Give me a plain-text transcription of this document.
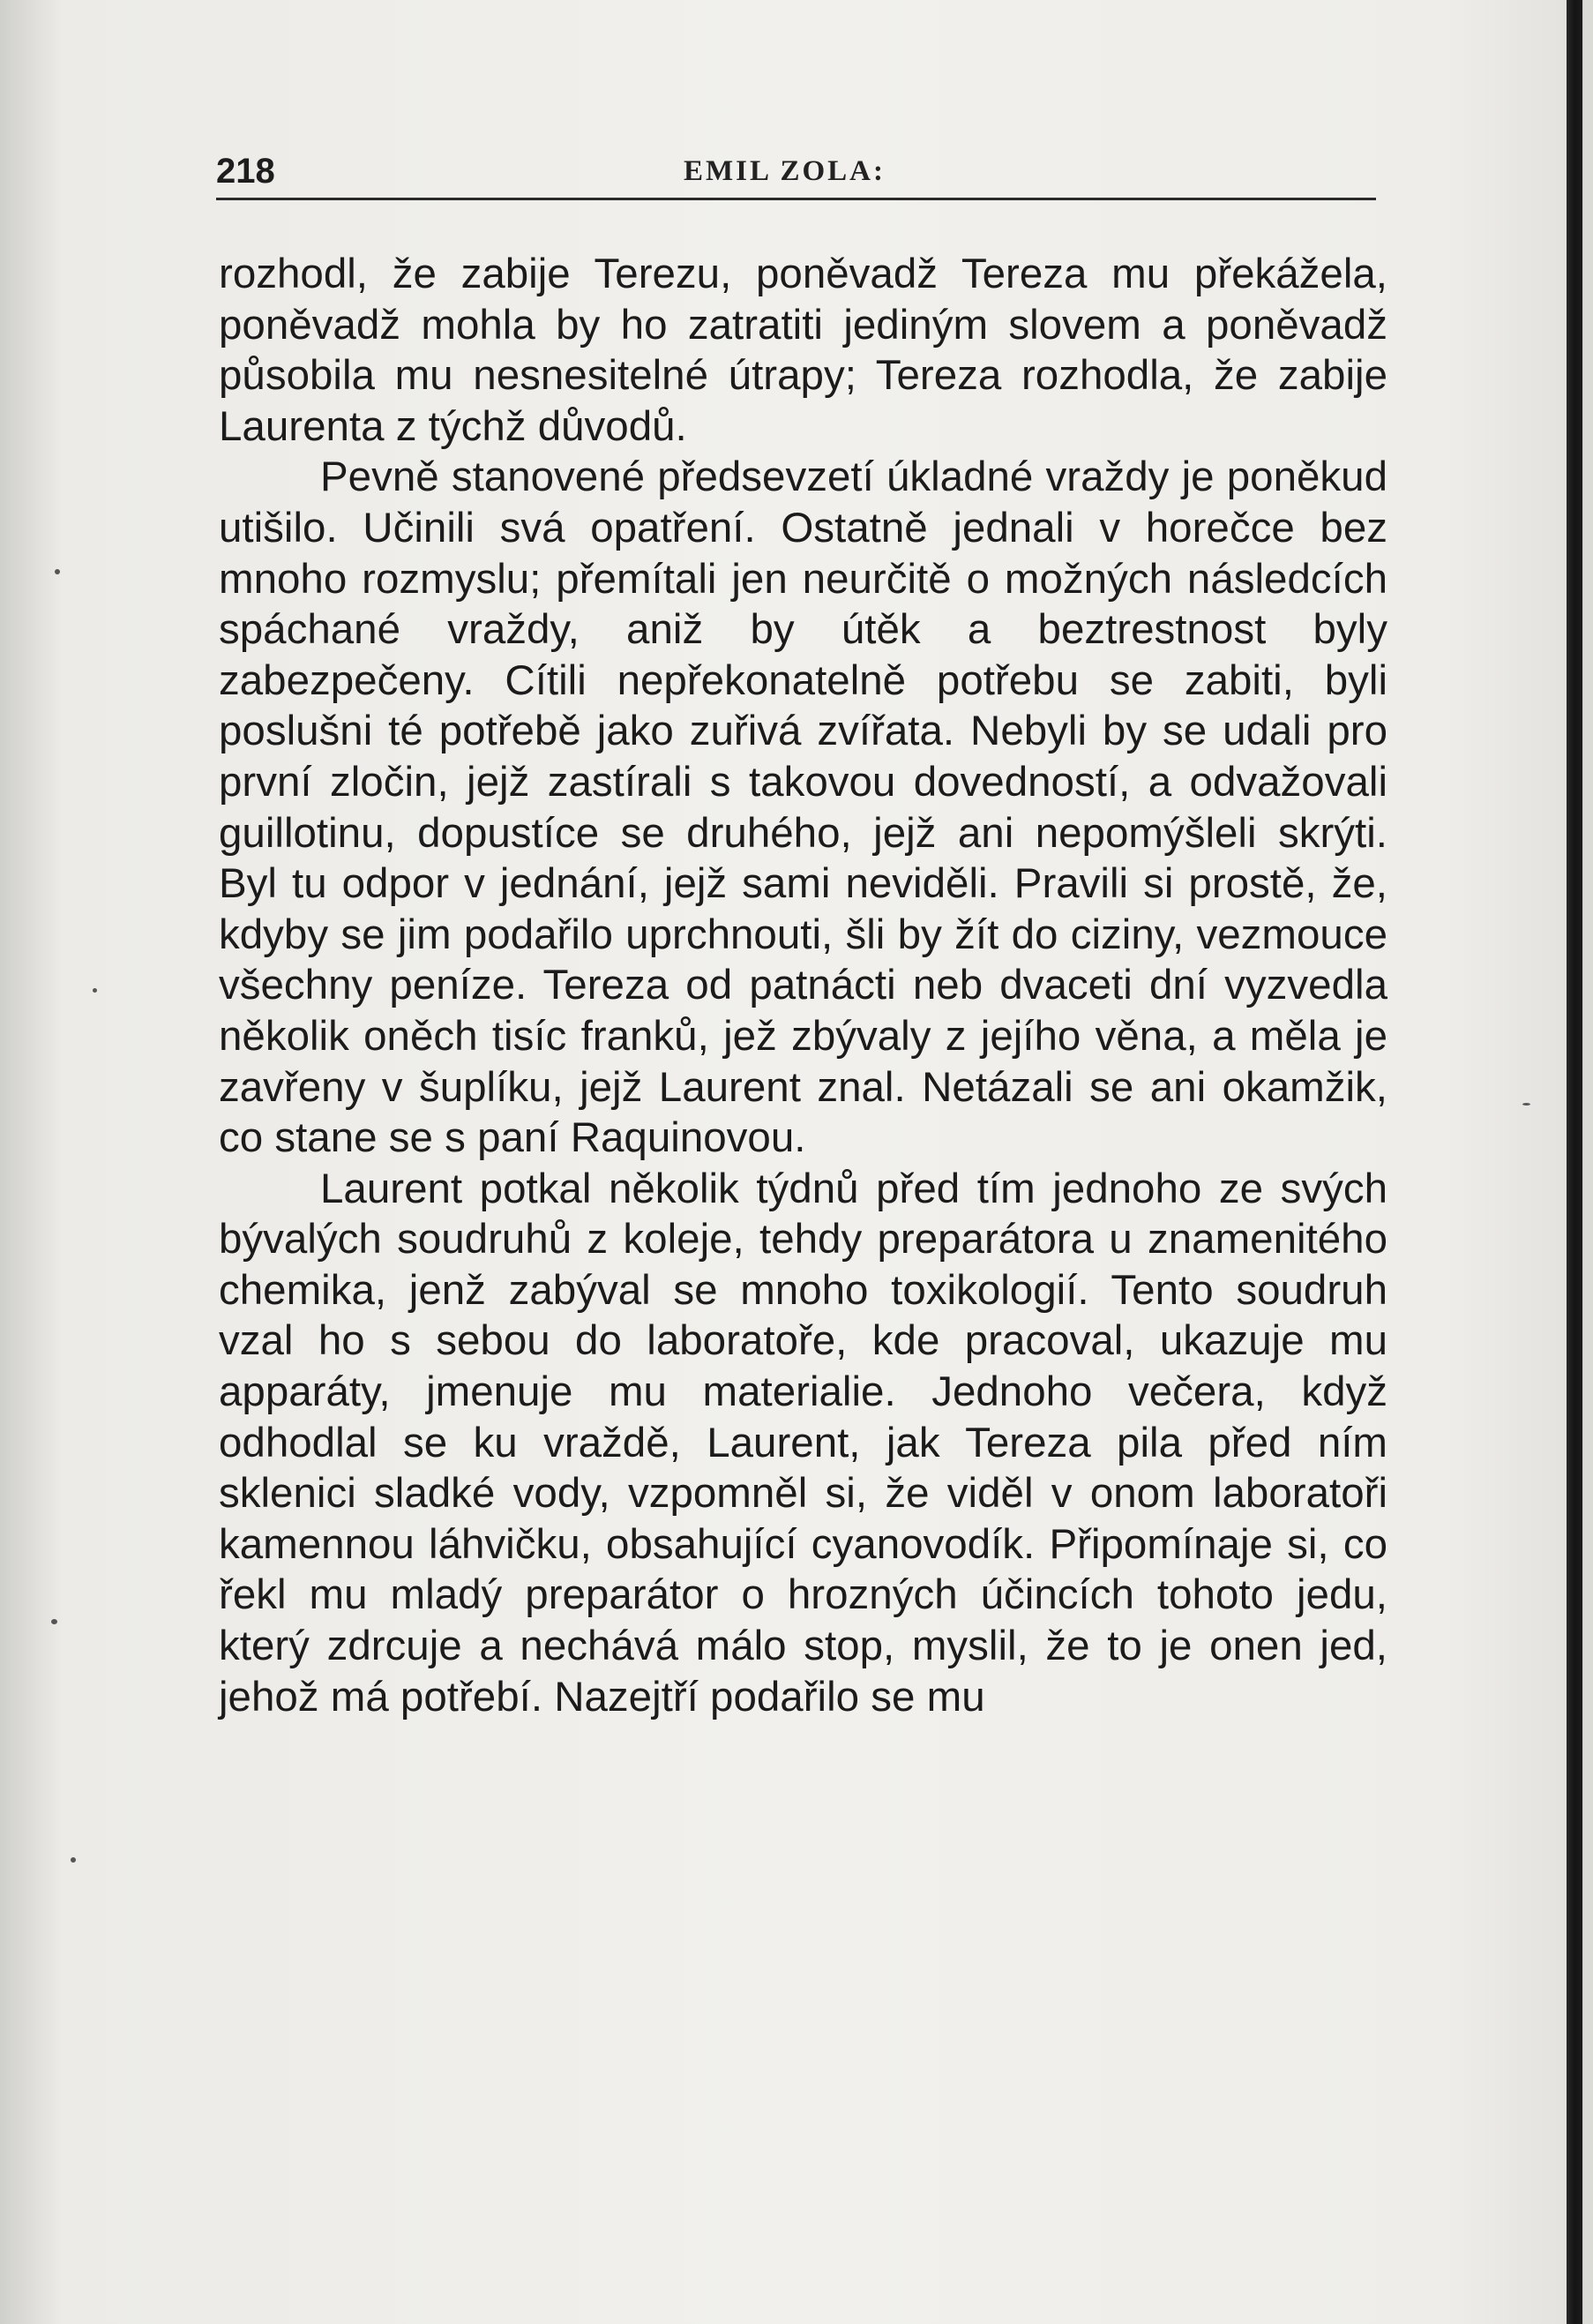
218	EMIL ZOLA:

rozhodl, že zabije Terezu, poněvadž Tereza mu překážela, poněvadž mohla by ho zatratiti jediným slovem a poněvadž působila mu nesnesitelné útrapy; Tereza rozhodla, že zabije Laurenta z týchž důvodů.

Pevně stanovené předsevzetí úkladné vraždy je poněkud utišilo. Učinili svá opatření. Ostatně jednali v horečce bez mnoho rozmyslu; přemítali jen neurčitě o možných následcích spáchané vraždy, aniž by útěk a beztrestnost byly zabezpečeny. Cítili nepřekonatelně potřebu se zabiti, byli poslušni té potřebě jako zuřivá zvířata. Nebyli by se udali pro první zločin, jejž zastírali s takovou dovedností, a odvažovali guillotinu, dopustíce se druhého, jejž ani nepomýšleli skrýti. Byl tu odpor v jednání, jejž sami neviděli. Pravili si prostě, že, kdyby se jim podařilo uprchnouti, šli by žít do ciziny, vezmouce všechny peníze. Tereza od patnácti neb dvaceti dní vyzvedla několik oněch tisíc franků, jež zbývaly z jejího věna, a měla je zavřeny v šuplíku, jejž Laurent znal. Netázali se ani okamžik, co stane se s paní Raquinovou.

Laurent potkal několik týdnů před tím jednoho ze svých bývalých soudruhů z koleje, tehdy preparátora u znamenitého chemika, jenž zabýval se mnoho toxikologií. Tento soudruh vzal ho s sebou do laboratoře, kde pracoval, ukazuje mu apparáty, jmenuje mu materialie. Jednoho večera, když odhodlal se ku vraždě, Laurent, jak Tereza pila před ním sklenici sladké vody, vzpomněl si, že viděl v onom laboratoři kamennou láhvičku, obsahující cyanovodík. Připomínaje si, co řekl mu mladý preparátor o hrozných účincích tohoto jedu, který zdrcuje a nechává málo stop, myslil, že to je onen jed, jehož má potřebí. Nazejtří podařilo se mu
